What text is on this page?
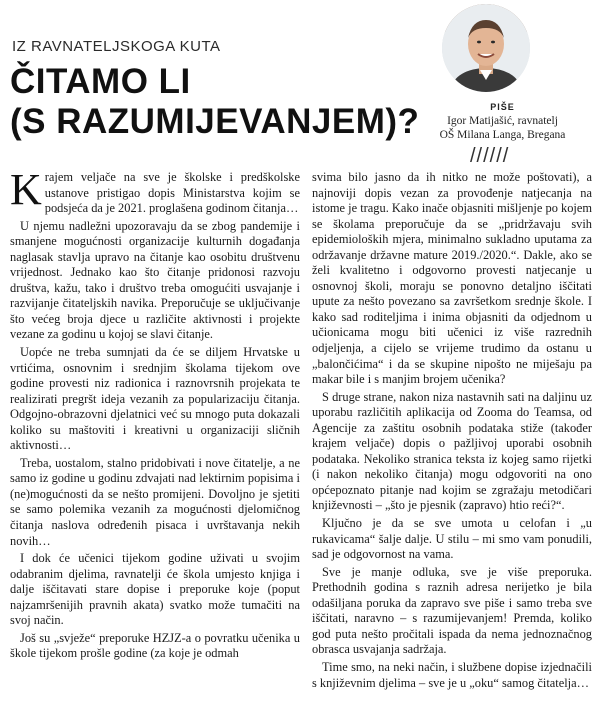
IZ RAVNATELJSKOGA KUTA
ČITAMO LI
(S RAZUMIJEVANJEM)?	PIŠE
Igor Matijašić, ravnatelj
OŠ Milana Langa, Bregana
//////

Krajem veljače na sve je školske i predškolske ustanove pristigao dopis Ministarstva kojim se podsjeća da je 2021. proglašena godinom čitanja…

U njemu nadležni upozoravaju da se zbog pandemije i smanjene mogućnosti organizacije kulturnih događanja naglasak stavlja upravo na čitanje kao osobitu društvenu vrijednost. Jednako kao što čitanje pridonosi razvoju društva, kažu, tako i društvo treba omogućiti usvajanje i razvijanje čitateljskih navika. Preporučuje se uključivanje što većeg broja djece u različite aktivnosti i projekte vezane za godinu u kojoj se slavi čitanje.

Uopće ne treba sumnjati da će se diljem Hrvatske u vrtićima, osnovnim i srednjim školama tijekom ove godine provesti niz radionica i raznovrsnih projekata te realizirati pregršt ideja vezanih za popularizaciju čitanja. Odgojno-obrazovni djelatnici već su mnogo puta dokazali koliko su maštoviti i kreativni u organizaciji sličnih aktivnosti…

Treba, uostalom, stalno pridobivati i nove čitatelje, a ne samo iz godine u godinu zdvajati nad lektirnim popisima i (ne)mogućnosti da se nešto promijeni. Dovoljno je sjetiti se samo polemika vezanih za mogućnosti djelomičnog čitanja naslova određenih pisaca i uvrštavanja nekih novih…

I dok će učenici tijekom godine uživati u svojim odabranim djelima, ravnatelji će škola umjesto knjiga i dalje iščitavati stare dopise i preporuke koje (poput najzamršenijih pravnih akata) svatko može tumačiti na svoj način.

Još su „svježe“ preporuke HZJZ-a o povratku učenika u škole tijekom prošle godine (za koje je odmah

svima bilo jasno da ih nitko ne može poštovati), a najnoviji dopis vezan za provođenje natjecanja na istome je tragu. Kako inače objasniti mišljenje po kojem se školama preporučuje da se „pridržavaju svih epidemioloških mjera, minimalno sukladno uputama za održavanje državne mature 2019./2020.“. Dakle, ako se želi kvalitetno i odgovorno provesti natjecanje u osnovnoj školi, moraju se ponovno detaljno iščitati upute za nešto povezano sa završetkom srednje škole. I kako sad roditeljima i inima objasniti da odjednom u učionicama mogu biti učenici iz više razrednih odjeljenja, a cijelo se vrijeme trudimo da ostanu u „balončićima“ i da se skupine nipošto ne miješaju pa makar bile i s manjim brojem učenika?

S druge strane, nakon niza nastavnih sati na daljinu uz uporabu različitih aplikacija od Zooma do Teamsa, od Agencije za zaštitu osobnih podataka stiže (također krajem veljače) dopis o pažljivoj uporabi osobnih podataka. Nekoliko stranica teksta iz kojeg samo rijetki (i nakon nekoliko čitanja) mogu odgovoriti na ono općepoznato pitanje nad kojim se zgražaju metodičari književnosti – „što je pjesnik (zapravo) htio reći?“.

Ključno je da se sve umota u celofan i „u rukavicama“ šalje dalje. U stilu – mi smo vam ponudili, sad je odgovornost na vama.

Sve je manje odluka, sve je više preporuka. Prethodnih godina s raznih adresa nerijetko je bila odašiljana poruka da zapravo sve piše i samo treba sve iščitati, naravno – s razumijevanjem! Premda, koliko god puta nešto pročitali ispada da nema jednoznačnog obrasca usvajanja sadržaja.

Time smo, na neki način, i službene dopise izjednačili s književnim djelima – sve je u „oku“ samog čitatelja…
